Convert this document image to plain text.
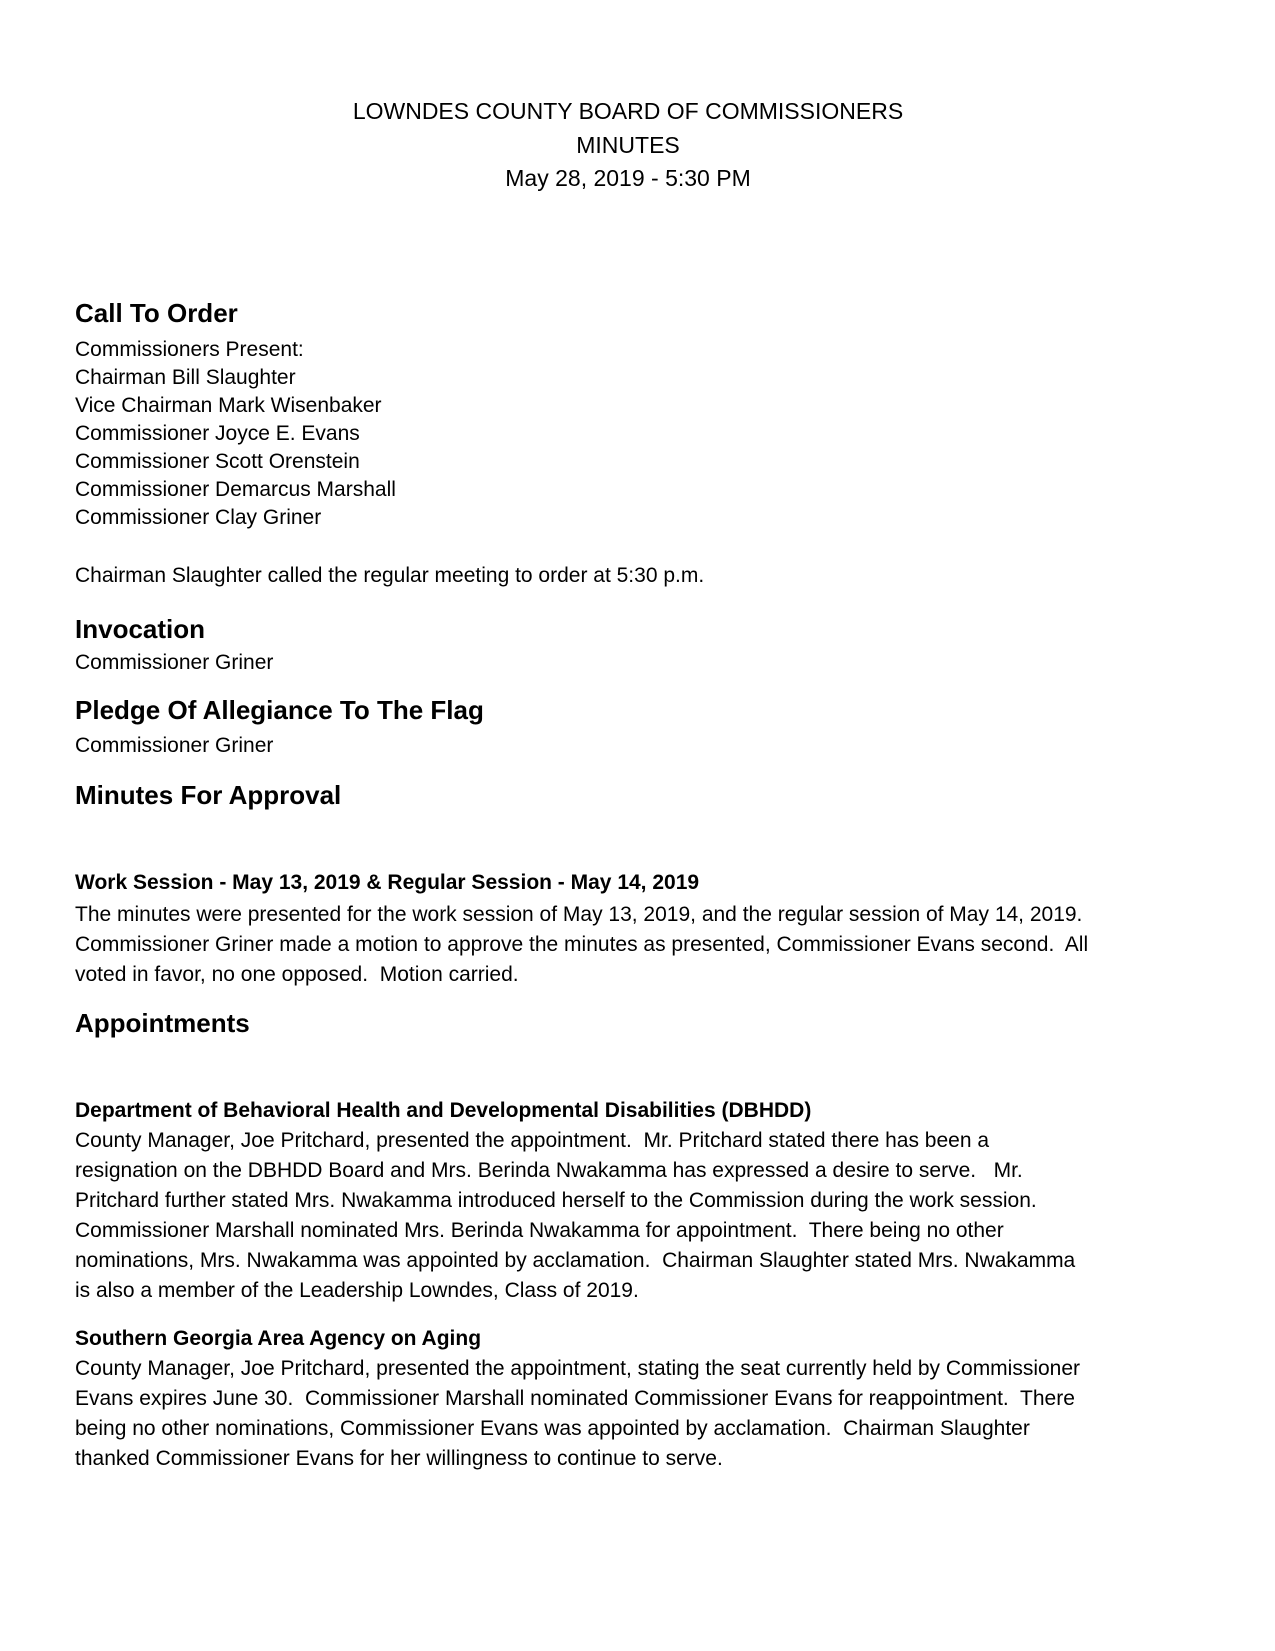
LOWNDES COUNTY BOARD OF COMMISSIONERS
MINUTES
May 28, 2019 - 5:30 PM
Call To Order
Commissioners Present:
Chairman Bill Slaughter
Vice Chairman Mark Wisenbaker
Commissioner Joyce E. Evans
Commissioner Scott Orenstein
Commissioner Demarcus Marshall
Commissioner Clay Griner

Chairman Slaughter called the regular meeting to order at 5:30 p.m.

Invocation

Commissioner Griner

Pledge Of Allegiance To The Flag

Commissioner Griner

Minutes For Approval
Work Session - May 13, 2019 & Regular Session - May 14, 2019

The minutes were presented for the work session of May 13, 2019, and the regular session of May 14, 2019.  Commissioner Griner made a motion to approve the minutes as presented, Commissioner Evans second.  All voted in favor, no one opposed.  Motion carried.

Appointments
Department of Behavioral Health and Developmental Disabilities (DBHDD)

County Manager, Joe Pritchard, presented the appointment.  Mr. Pritchard stated there has been a resignation on the DBHDD Board and Mrs. Berinda Nwakamma has expressed a desire to serve.   Mr. Pritchard further stated Mrs. Nwakamma introduced herself to the Commission during the work session.  Commissioner Marshall nominated Mrs. Berinda Nwakamma for appointment.  There being no other nominations, Mrs. Nwakamma was appointed by acclamation.  Chairman Slaughter stated Mrs. Nwakamma is also a member of the Leadership Lowndes, Class of 2019.

Southern Georgia Area Agency on Aging

County Manager, Joe Pritchard, presented the appointment, stating the seat currently held by Commissioner Evans expires June 30.  Commissioner Marshall nominated Commissioner Evans for reappointment.  There being no other nominations, Commissioner Evans was appointed by acclamation.  Chairman Slaughter thanked Commissioner Evans for her willingness to continue to serve.
